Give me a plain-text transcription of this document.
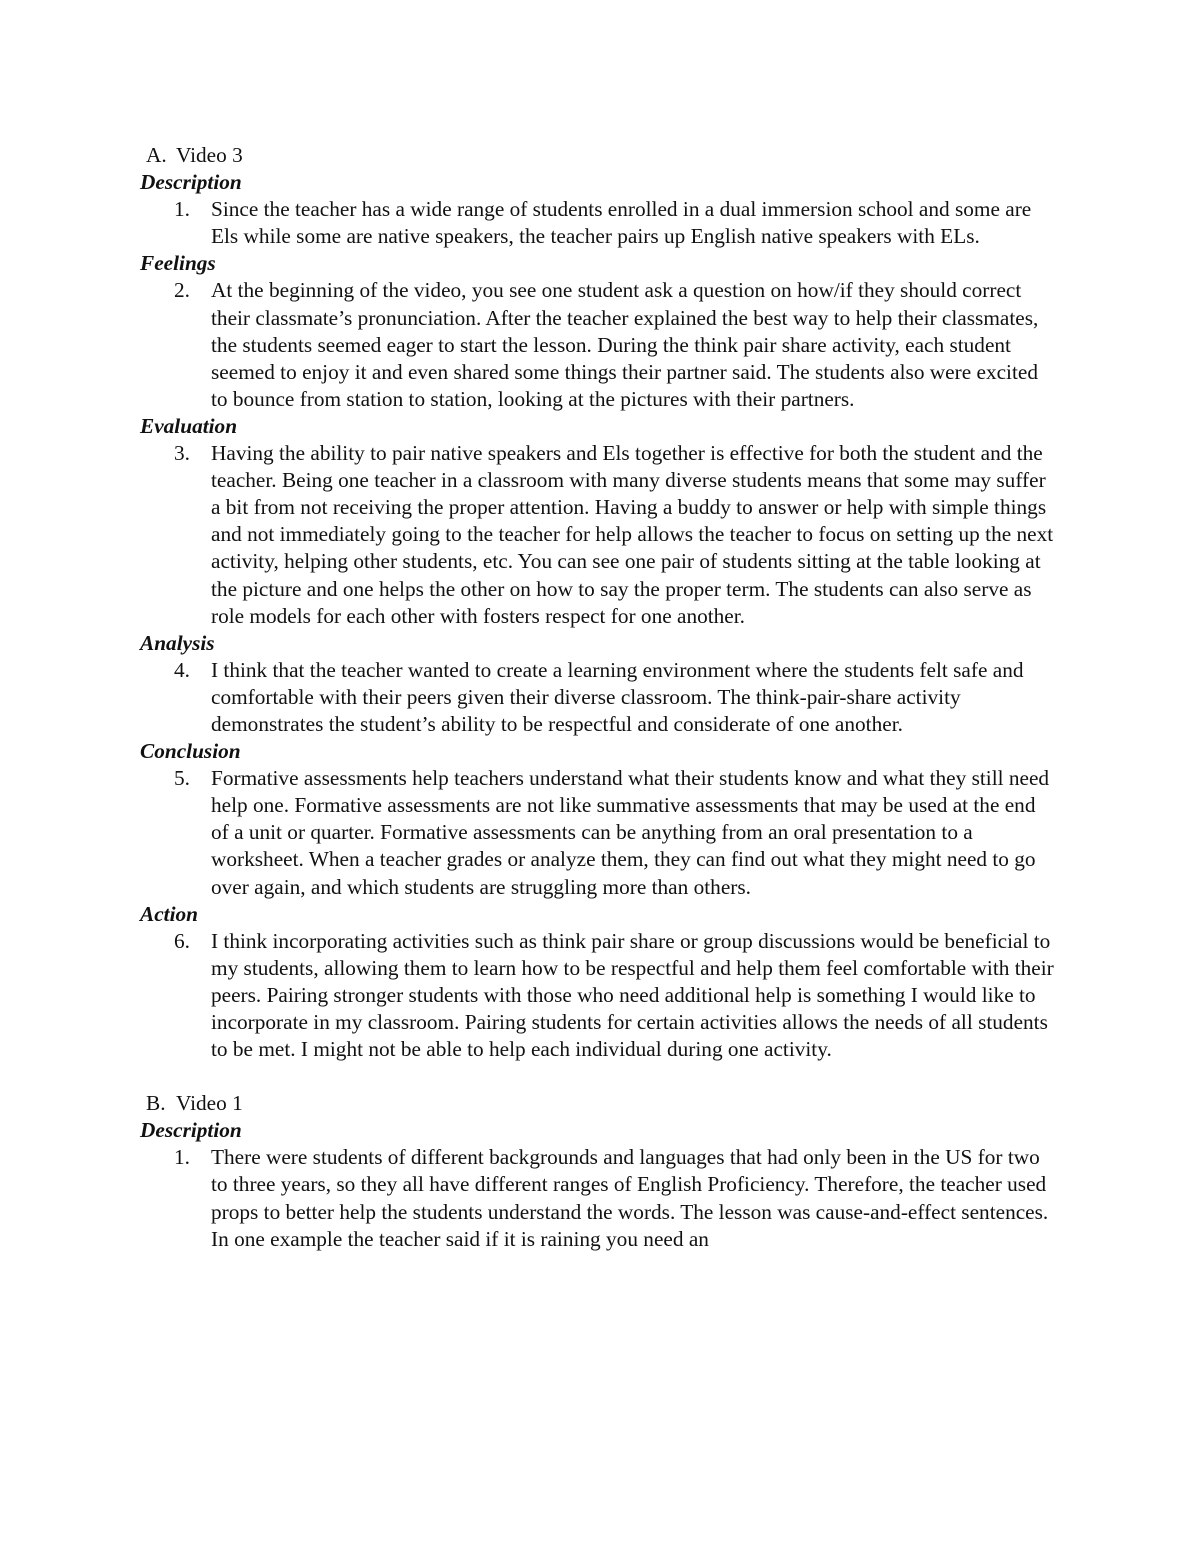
A. Video 3

Description

1. Since the teacher has a wide range of students enrolled in a dual immersion school and some are Els while some are native speakers, the teacher pairs up English native speakers with ELs.

Feelings

2. At the beginning of the video, you see one student ask a question on how/if they should correct their classmate’s pronunciation. After the teacher explained the best way to help their classmates, the students seemed eager to start the lesson. During the think pair share activity, each student seemed to enjoy it and even shared some things their partner said. The students also were excited to bounce from station to station, looking at the pictures with their partners.

Evaluation

3. Having the ability to pair native speakers and Els together is effective for both the student and the teacher. Being one teacher in a classroom with many diverse students means that some may suffer a bit from not receiving the proper attention. Having a buddy to answer or help with simple things and not immediately going to the teacher for help allows the teacher to focus on setting up the next activity, helping other students, etc. You can see one pair of students sitting at the table looking at the picture and one helps the other on how to say the proper term. The students can also serve as role models for each other with fosters respect for one another.

Analysis

4. I think that the teacher wanted to create a learning environment where the students felt safe and comfortable with their peers given their diverse classroom. The think-pair-share activity demonstrates the student’s ability to be respectful and considerate of one another.

Conclusion

5. Formative assessments help teachers understand what their students know and what they still need help one. Formative assessments are not like summative assessments that may be used at the end of a unit or quarter. Formative assessments can be anything from an oral presentation to a worksheet. When a teacher grades or analyze them, they can find out what they might need to go over again, and which students are struggling more than others.

Action

6. I think incorporating activities such as think pair share or group discussions would be beneficial to my students, allowing them to learn how to be respectful and help them feel comfortable with their peers. Pairing stronger students with those who need additional help is something I would like to incorporate in my classroom. Pairing students for certain activities allows the needs of all students to be met. I might not be able to help each individual during one activity.

B. Video 1

Description

1. There were students of different backgrounds and languages that had only been in the US for two to three years, so they all have different ranges of English Proficiency. Therefore, the teacher used props to better help the students understand the words. The lesson was cause-and-effect sentences. In one example the teacher said if it is raining you need an
